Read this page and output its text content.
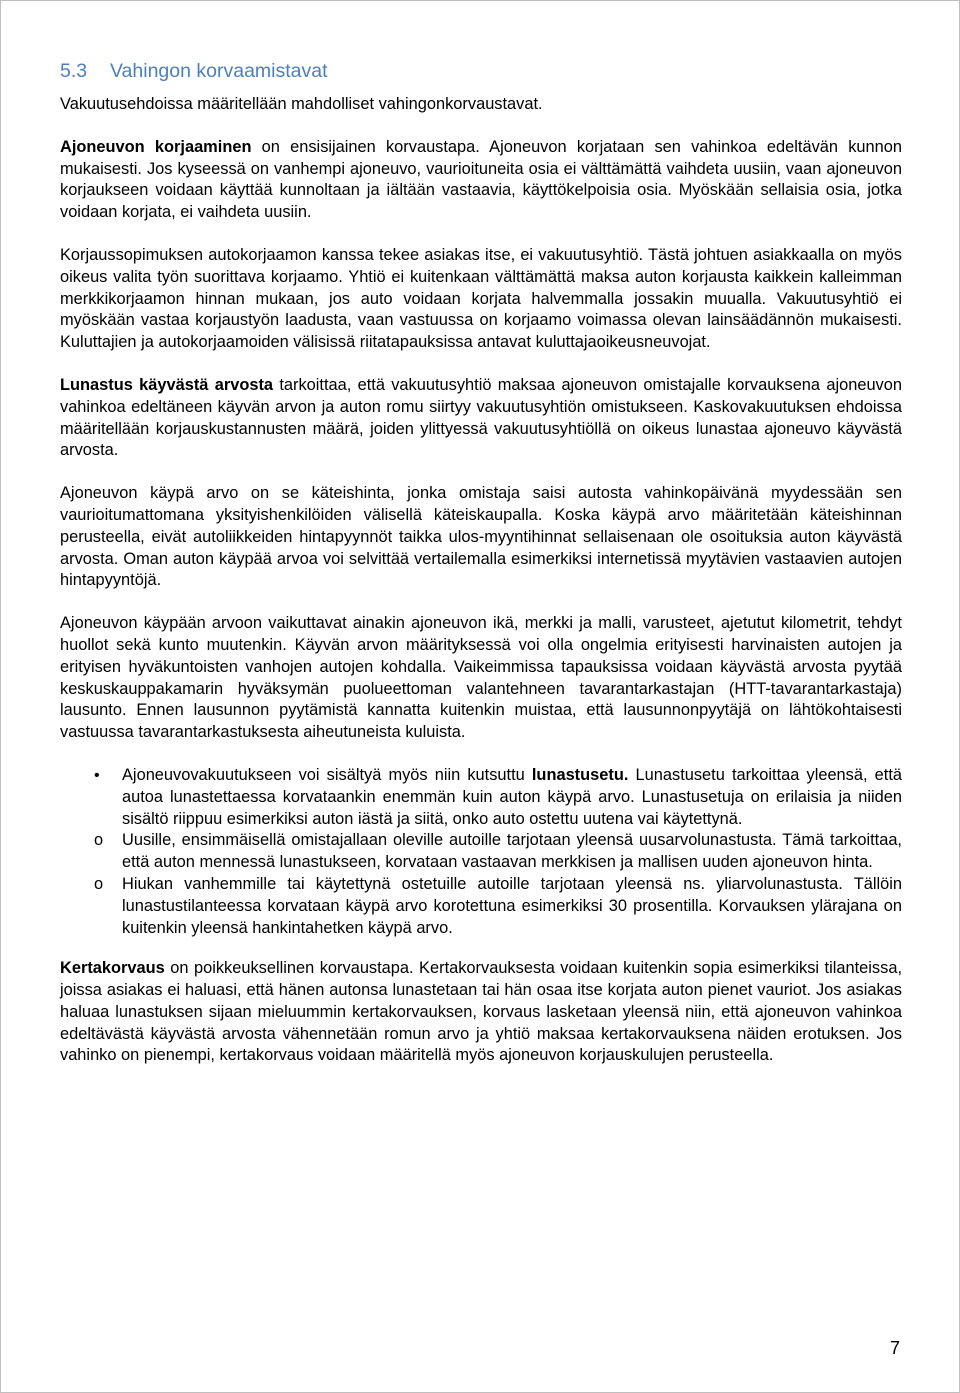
5.3 Vahingon korvaamistavat

Vakuutusehdoissa määritellään mahdolliset vahingonkorvaustavat.

Ajoneuvon korjaaminen on ensisijainen korvaustapa. Ajoneuvon korjataan sen vahinkoa edeltävän kunnon mukaisesti. Jos kyseessä on vanhempi ajoneuvo, vaurioituneita osia ei välttämättä vaihdeta uusiin, vaan ajoneuvon korjaukseen voidaan käyttää kunnoltaan ja iältään vastaavia, käyttökelpoisia osia. Myöskään sellaisia osia, jotka voidaan korjata, ei vaihdeta uusiin.

Korjaussopimuksen autokorjaamon kanssa tekee asiakas itse, ei vakuutusyhtiö. Tästä johtuen asiakkaalla on myös oikeus valita työn suorittava korjaamo. Yhtiö ei kuitenkaan välttämättä maksa auton korjausta kaikkein kalleimman merkkikorjaamon hinnan mukaan, jos auto voidaan korjata halvemmalla jossakin muualla. Vakuutusyhtiö ei myöskään vastaa korjaustyön laadusta, vaan vastuussa on korjaamo voimassa olevan lainsäädännön mukaisesti. Kuluttajien ja autokorjaamoiden välisissä riitatapauksissa antavat kuluttajaoikeusneuvojat.

Lunastus käyvästä arvosta tarkoittaa, että vakuutusyhtiö maksaa ajoneuvon omistajalle korvauksena ajoneuvon vahinkoa edeltäneen käyvän arvon ja auton romu siirtyy vakuutusyhtiön omistukseen. Kaskovakuutuksen ehdoissa määritellään korjauskustannusten määrä, joiden ylittyessä vakuutusyhtiöllä on oikeus lunastaa ajoneuvo käyvästä arvosta.

Ajoneuvon käypä arvo on se käteishinta, jonka omistaja saisi autosta vahinkopäivänä myydessään sen vaurioitumattomana yksityishenkilöiden välisellä käteiskaupalla. Koska käypä arvo määritetään käteishinnan perusteella, eivät autoliikkeiden hintapyynnöt taikka ulos-myyntihinnat sellaisenaan ole osoituksia auton käyvästä arvosta. Oman auton käypää arvoa voi selvittää vertailemalla esimerkiksi internetissä myytävien vastaavien autojen hintapyyntöjä.

Ajoneuvon käypään arvoon vaikuttavat ainakin ajoneuvon ikä, merkki ja malli, varusteet, ajetutut kilometrit, tehdyt huollot sekä kunto muutenkin. Käyvän arvon määrityksessä voi olla ongelmia erityisesti harvinaisten autojen ja erityisen hyväkuntoisten vanhojen autojen kohdalla. Vaikeimmissa tapauksissa voidaan käyvästä arvosta pyytää keskuskauppakamarin hyväksymän puolueettoman valantehneen tavarantarkastajan (HTT-tavarantarkastaja) lausunto. Ennen lausunnon pyytämistä kannatta kuitenkin muistaa, että lausunnonpyytäjä on lähtökohtaisesti vastuussa tavarantarkastuksesta aiheutuneista kuluista.

• Ajoneuvovakuutukseen voi sisältyä myös niin kutsuttu lunastusetu. Lunastusetu tarkoittaa yleensä, että autoa lunastettaessa korvataankin enemmän kuin auton käypä arvo. Lunastusetuja on erilaisia ja niiden sisältö riippuu esimerkiksi auton iästä ja siitä, onko auto ostettu uutena vai käytettynä.
o Uusille, ensimmäisellä omistajallaan oleville autoille tarjotaan yleensä uusarvolunastusta. Tämä tarkoittaa, että auton mennessä lunastukseen, korvataan vastaavan merkkisen ja mallisen uuden ajoneuvon hinta.
o Hiukan vanhemmille tai käytettynä ostetuille autoille tarjotaan yleensä ns. yliarvolunastusta. Tällöin lunastustilanteessa korvataan käypä arvo korotettuna esimerkiksi 30 prosentilla. Korvauksen ylärajana on kuitenkin yleensä hankintahetken käypä arvo.

Kertakorvaus on poikkeuksellinen korvaustapa. Kertakorvauksesta voidaan kuitenkin sopia esimerkiksi tilanteissa, joissa asiakas ei haluasi, että hänen autonsa lunastetaan tai hän osaa itse korjata auton pienet vauriot. Jos asiakas haluaa lunastuksen sijaan mieluummin kertakorvauksen, korvaus lasketaan yleensä niin, että ajoneuvon vahinkoa edeltävästä käyvästä arvosta vähennetään romun arvo ja yhtiö maksaa kertakorvauksena näiden erotuksen. Jos vahinko on pienempi, kertakorvaus voidaan määritellä myös ajoneuvon korjauskulujen perusteella.

7
